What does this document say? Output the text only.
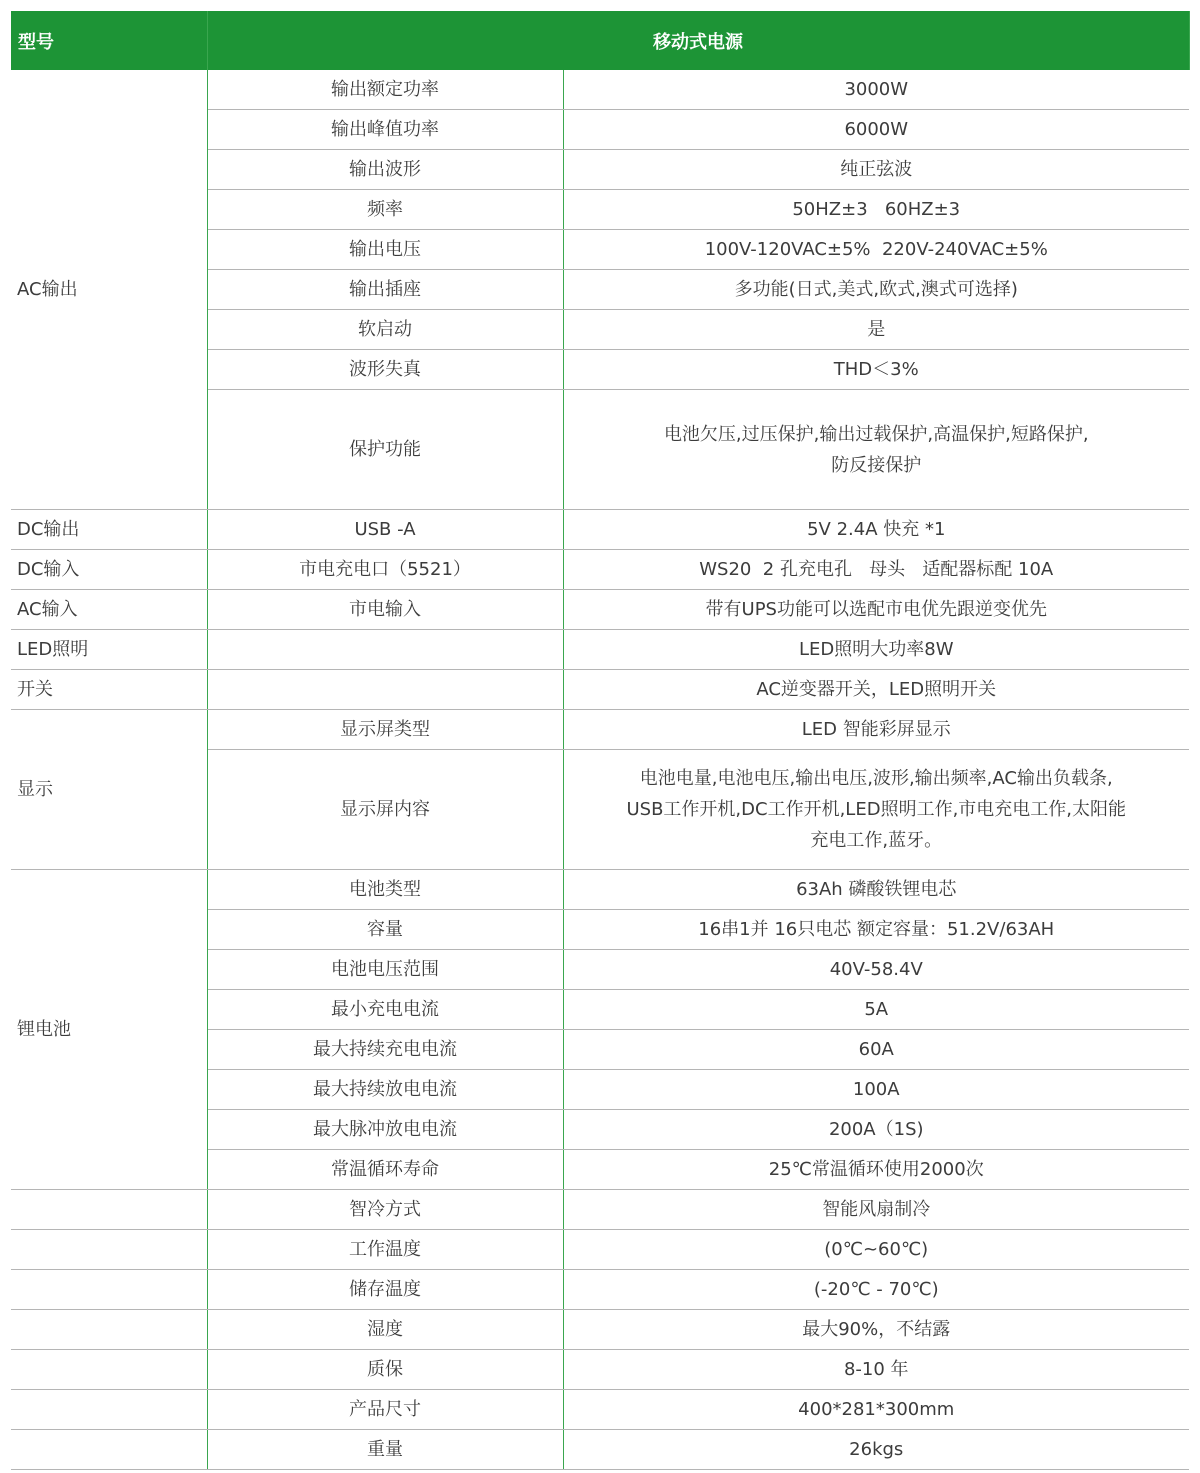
型号	移动式电源	
AC输出	输出额定功率	3000W
	输出峰值功率	6000W
	输出波形	纯正弦波
	频率	50HZ±3   60HZ±3
	输出电压	100V-120VAC±5%  220V-240VAC±5%
	输出插座	多功能(日式,美式,欧式,澳式可选择)
	软启动	是
	波形失真	THD＜3%
	保护功能	电池欠压,过压保护,输出过载保护,高温保护,短路保护,
防反接保护

DC输出	USB -A	5V 2.4A 快充 *1
DC输入	市电充电口（5521）	WS20  2 孔充电孔   母头   适配器标配 10A
AC输入	市电输入	带有UPS功能可以选配市电优先跟逆变优先
LED照明		LED照明大功率8W
开关		AC逆变器开关，LED照明开关
显示	显示屏类型	LED 智能彩屏显示
	显示屏内容	电池电量,电池电压,输出电压,波形,输出频率,AC输出负载条,
USB工作开机,DC工作开机,LED照明工作,市电充电工作,太阳能
充电工作,蓝牙。

锂电池	电池类型	63Ah 磷酸铁锂电芯
	容量	16串1并 16只电芯 额定容量：51.2V/63AH
	电池电压范围	40V-58.4V
	最小充电电流	5A
	最大持续充电电流	60A
	最大持续放电电流	100A
	最大脉冲放电电流	200A（1S)
	常温循环寿命	25℃常温循环使用2000次
	智冷方式	智能风扇制冷
	工作温度	(0℃~60℃)
	储存温度	(-20℃ - 70℃)
	湿度	最大90%，不结露
	质保	8-10 年
	产品尺寸	400*281*300mm
	重量	26kgs
